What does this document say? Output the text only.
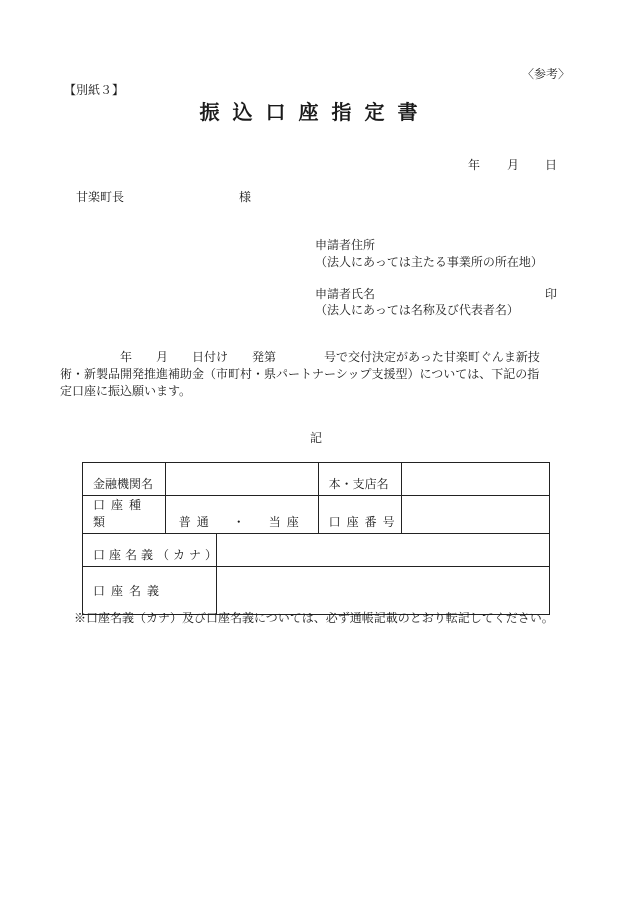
〈参考〉
【別紙３】
振込口座指定書
年 月 日
甘楽町長	様
申請者住所
（法人にあっては主たる事業所の所在地）
申請者氏名	印
（法人にあっては名称及び代表者名）
年　　月　　日付け　　発第　　　　号で交付決定があった甘楽町ぐんま新技
術・新製品開発推進補助金（市町村・県パートナーシップ支援型）については、下記の指
定口座に振込願います。
記
金融機関名			本・支店名	
口座種類	普通　・　当座		口座番号	
口座名義（カナ）				
口座名義				
※口座名義（カナ）及び口座名義については、必ず通帳記載のとおり転記してください。
